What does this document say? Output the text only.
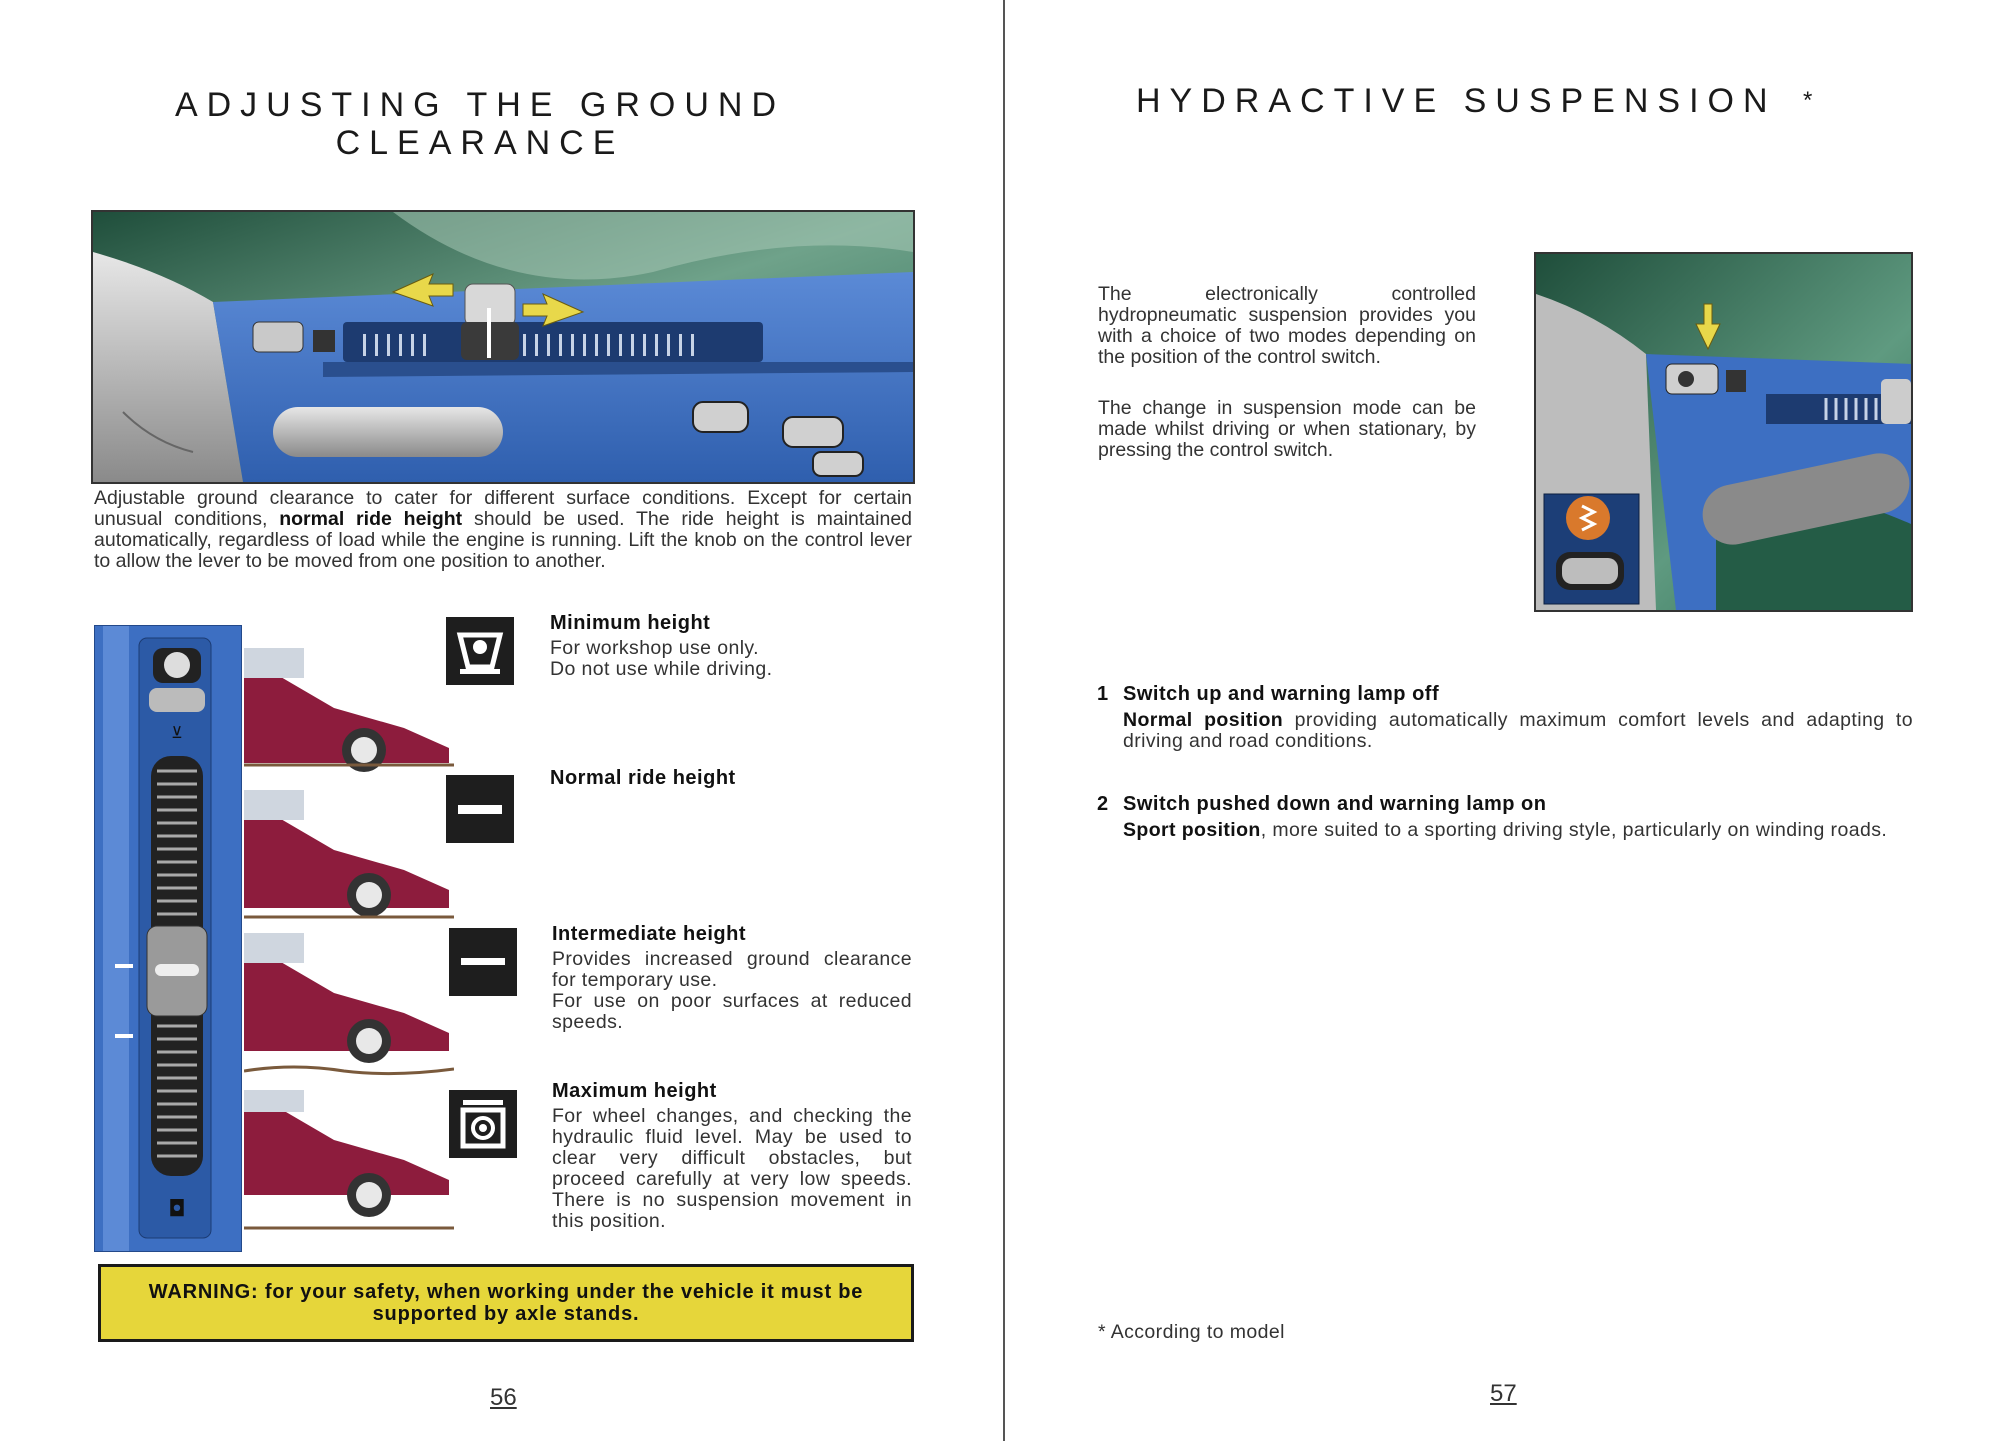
ADJUSTING THE GROUND
CLEARANCE

Adjustable ground clearance to cater for different surface conditions. Except for certain unusual conditions, normal ride height should be used. The ride height is maintained automatically, regardless of load while the engine is running. Lift the knob on the control lever to allow the lever to be moved from one position to another.

⊻
◘

Minimum height

For workshop use only.

Do not use while driving.

Normal ride height

Intermediate height

Provides increased ground clearance for temporary use.

For use on poor surfaces at reduced speeds.

Maximum height

For wheel changes, and checking the hydraulic fluid level. May be used to clear very difficult obstacles, but proceed carefully at very low speeds. There is no suspension movement in this position.

WARNING: for your safety, when working under the vehicle it must be supported by axle stands.
56
HYDRACTIVE SUSPENSION *

The electronically controlled hydropneumatic suspension provides you with a choice of two modes depending on the position of the control switch.

The change in suspension mode can be made whilst driving or when stationary, by pressing the control switch.

1 Switch up and warning lamp off

Normal position providing automatically maximum comfort levels and adapting to driving and road conditions.

2 Switch pushed down and warning lamp on

Sport position, more suited to a sporting driving style, particularly on winding roads.

* According to model

57
